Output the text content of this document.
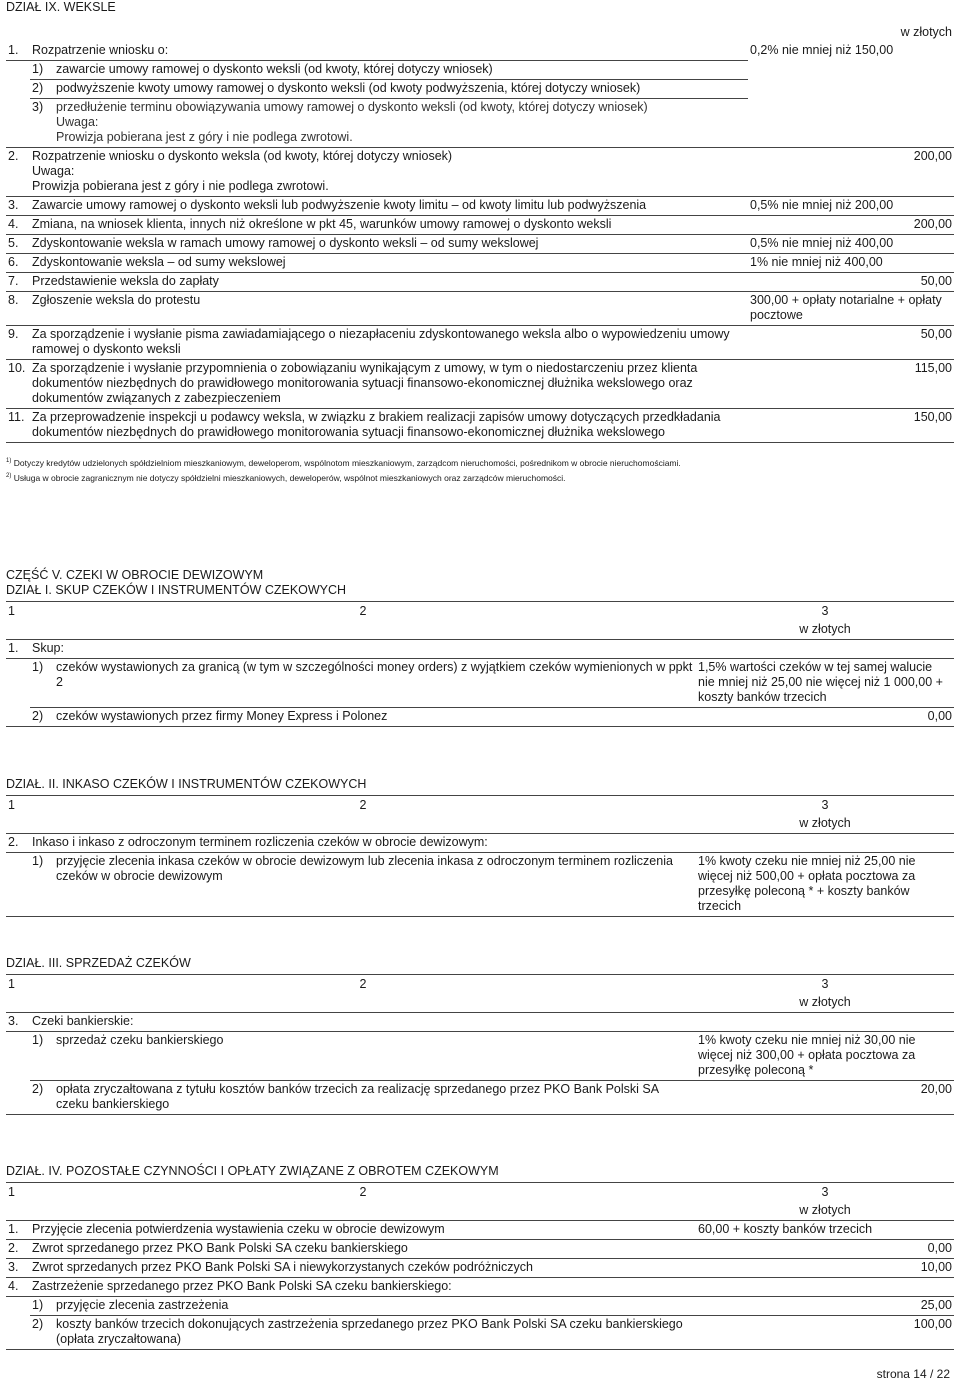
DZIAŁ IX. WEKSLE
			w złotych
1.	Rozpatrzenie wniosku o:		0,2% nie mniej niż 150,00
	1)	zawarcie umowy ramowej o dyskonto weksli (od kwoty, której dotyczy wniosek)	
	2)	podwyższenie kwoty umowy ramowej o dyskonto weksli (od kwoty podwyższenia, której dotyczy wniosek)	
	3)	przedłużenie terminu obowiązywania umowy ramowej o dyskonto weksli (od kwoty, której dotyczy wniosek)
Uwaga:
Prowizja pobierana jest z góry i nie podlega zwrotowi.	

2.	Rozpatrzenie wniosku o dyskonto weksla (od kwoty, której dotyczy wniosek)
Uwaga:
Prowizja pobierana jest z góry i nie podlega zwrotowi.		200,00
3.	Zawarcie umowy ramowej o dyskonto weksli lub podwyższenie kwoty limitu – od kwoty limitu lub podwyższenia		0,5% nie mniej niż 200,00
4.	Zmiana, na wniosek klienta, innych niż określone w pkt 45, warunków umowy ramowej o dyskonto weksli		200,00
5.	Zdyskontowanie weksla w ramach umowy ramowej o dyskonto weksli – od sumy wekslowej		0,5% nie mniej niż 400,00
6.	Zdyskontowanie weksla – od sumy wekslowej		1% nie mniej niż 400,00
7.	Przedstawienie weksla do zapłaty		50,00
8.	Zgłoszenie weksla do protestu		300,00 + opłaty notarialne + opłaty pocztowe
9.	Za sporządzenie i wysłanie pisma zawiadamiającego o niezapłaceniu zdyskontowanego weksla albo o wypowiedzeniu umowy ramowej o dyskonto weksli		50,00
10.	Za sporządzenie i wysłanie przypomnienia o zobowiązaniu wynikającym z umowy, w tym o niedostarczeniu przez klienta dokumentów niezbędnych do prawidłowego monitorowania sytuacji finansowo-ekonomicznej dłużnika wekslowego oraz dokumentów związanych z zabezpieczeniem		115,00
11.	Za przeprowadzenie inspekcji u podawcy weksla, w związku z brakiem realizacji zapisów umowy dotyczących przedkładania dokumentów niezbędnych do prawidłowego monitorowania sytuacji finansowo-ekonomicznej dłużnika wekslowego		150,00
$^{1)}$ Dotyczy kredytów udzielonych spółdzielniom mieszkaniowym, deweloperom, wspólnotom mieszkaniowym, zarządcom nieruchomości, pośrednikom w obrocie nieruchomościami.
$^{2)}$ Usługa w obrocie zagranicznym nie dotyczy spółdzielni mieszkaniowych, deweloperów, wspólnot mieszkaniowych oraz zarządców mieruchomości.
CZĘŚĆ V. CZEKI W OBROCIE DEWIZOWYM
DZIAŁ I. SKUP CZEKÓW I INSTRUMENTÓW CZEKOWYCH
1	2		3
			w złotych
1.	Skup:		
	1)	czeków wystawionych za granicą (w tym w szczególności money orders) z wyjątkiem czeków wymienionych w ppkt 2	1,5% wartości czeków w tej samej walucie nie mniej niż 25,00 nie więcej niż 1 000,00 + koszty banków trzecich
	2)	czeków wystawionych przez firmy Money Express i Polonez	0,00
DZIAŁ. II. INKASO CZEKÓW I INSTRUMENTÓW CZEKOWYCH
1	2		3
			w złotych
2.	Inkaso i inkaso z odroczonym terminem rozliczenia czeków w obrocie dewizowym:		
	1)	przyjęcie zlecenia inkasa czeków w obrocie dewizowym lub zlecenia inkasa z odroczonym terminem rozliczenia czeków w obrocie dewizowym	1% kwoty czeku nie mniej niż 25,00 nie więcej niż 500,00 + opłata pocztowa za przesyłkę poleconą * + koszty banków trzecich
DZIAŁ. III. SPRZEDAŻ CZEKÓW
1	2		3
			w złotych
3.	Czeki bankierskie:		
	1)	sprzedaż czeku bankierskiego	1% kwoty czeku nie mniej niż 30,00 nie więcej niż 300,00 + opłata pocztowa za przesyłkę poleconą *
	2)	opłata zryczałtowana z tytułu kosztów banków trzecich za realizację sprzedanego przez PKO Bank Polski SA czeku bankierskiego	20,00
DZIAŁ. IV. POZOSTAŁE CZYNNOŚCI I OPŁATY ZWIĄZANE Z OBROTEM CZEKOWYM
1	2		3
			w złotych
1.	Przyjęcie zlecenia potwierdzenia wystawienia czeku w obrocie dewizowym		60,00 + koszty banków trzecich
2.	Zwrot sprzedanego przez PKO Bank Polski SA czeku bankierskiego		0,00
3.	Zwrot sprzedanych przez PKO Bank Polski SA i niewykorzystanych czeków podróżniczych		10,00
4.	Zastrzeżenie sprzedanego przez PKO Bank Polski SA czeku bankierskiego:		
	1)	przyjęcie zlecenia zastrzeżenia	25,00
	2)	koszty banków trzecich dokonujących zastrzeżenia sprzedanego przez PKO Bank Polski SA czeku bankierskiego (opłata zryczałtowana)	100,00
strona 14 / 22
